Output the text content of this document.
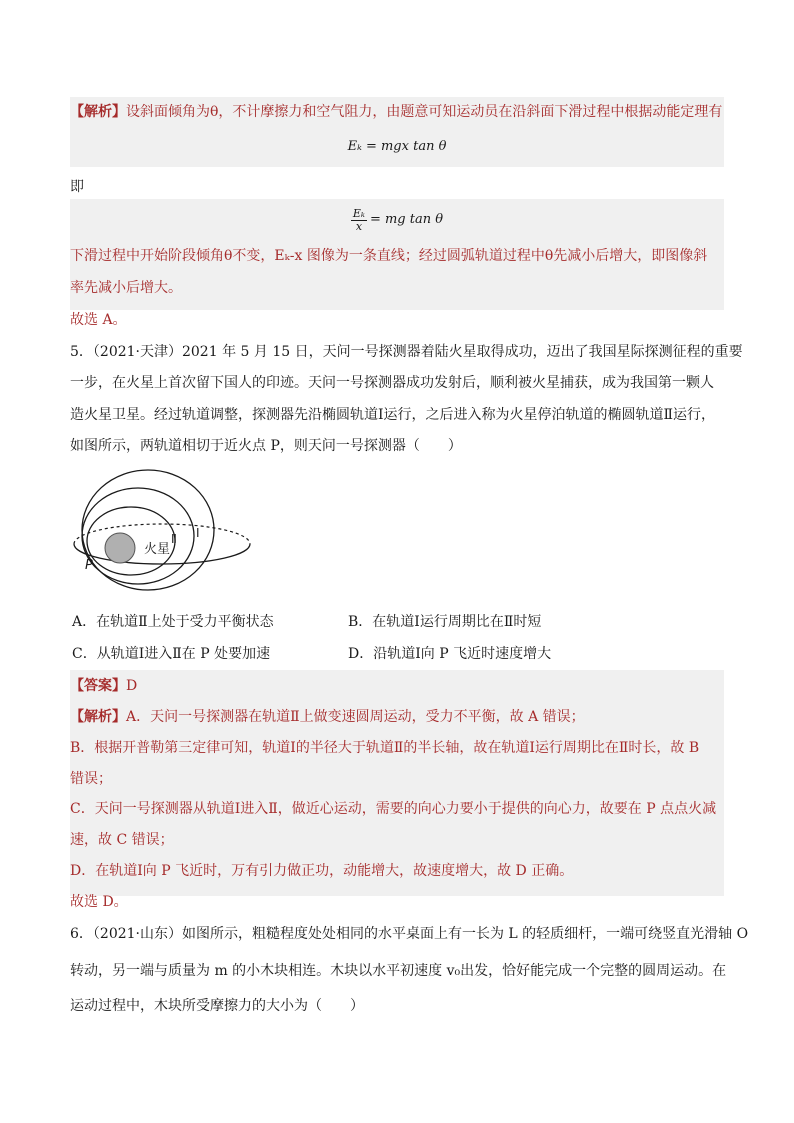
【解析】设斜面倾角为θ，不计摩擦力和空气阻力，由题意可知运动员在沿斜面下滑过程中根据动能定理有
Eₖ = mgx tan θ
即
$\frac{\text{Eₖ}}{x}$ = mg tan θ
下滑过程中开始阶段倾角θ不变，Eₖ-x 图像为一条直线；经过圆弧轨道过程中θ先减小后增大，即图像斜
率先减小后增大。
故选 A。
5．（2021·天津）2021 年 5 月 15 日，天问一号探测器着陆火星取得成功，迈出了我国星际探测征程的重要
一步，在火星上首次留下国人的印迹。天问一号探测器成功发射后，顺利被火星捕获，成为我国第一颗人
造火星卫星。经过轨道调整，探测器先沿椭圆轨道Ⅰ运行，之后进入称为火星停泊轨道的椭圆轨道Ⅱ运行，
如图所示，两轨道相切于近火点 P，则天问一号探测器（　　）
火星
Ⅱ Ⅰ
P
A．在轨道Ⅱ上处于受力平衡状态	B．在轨道Ⅰ运行周期比在Ⅱ时短
C．从轨道Ⅰ进入Ⅱ在 P 处要加速	D．沿轨道Ⅰ向 P 飞近时速度增大
【答案】D
【解析】A．天问一号探测器在轨道Ⅱ上做变速圆周运动，受力不平衡，故 A 错误；
B．根据开普勒第三定律可知，轨道Ⅰ的半径大于轨道Ⅱ的半长轴，故在轨道Ⅰ运行周期比在Ⅱ时长，故 B
错误；
C．天问一号探测器从轨道Ⅰ进入Ⅱ，做近心运动，需要的向心力要小于提供的向心力，故要在 P 点点火减
速，故 C 错误；
D．在轨道Ⅰ向 P 飞近时，万有引力做正功，动能增大，故速度增大，故 D 正确。
故选 D。
6．（2021·山东）如图所示，粗糙程度处处相同的水平桌面上有一长为 L 的轻质细杆，一端可绕竖直光滑轴 O
转动，另一端与质量为 m 的小木块相连。木块以水平初速度 v₀出发，恰好能完成一个完整的圆周运动。在
运动过程中，木块所受摩擦力的大小为（　　）
